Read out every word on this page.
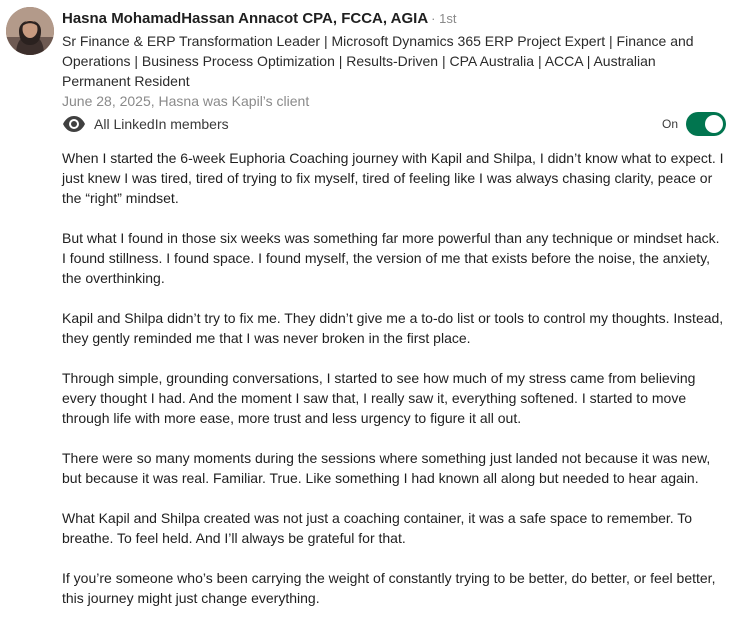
Hasna MohamadHassan Annacot CPA, FCCA, AGIA · 1st
Sr Finance & ERP Transformation Leader | Microsoft Dynamics 365 ERP Project Expert | Finance and Operations | Business Process Optimization | Results-Driven | CPA Australia | ACCA | Australian Permanent Resident
June 28, 2025, Hasna was Kapil’s client
All LinkedIn members	On

When I started the 6-week Euphoria Coaching journey with Kapil and Shilpa, I didn’t know what to expect. I just knew I was tired, tired of trying to fix myself, tired of feeling like I was always chasing clarity, peace or the “right” mindset.

But what I found in those six weeks was something far more powerful than any technique or mindset hack. I found stillness. I found space. I found myself, the version of me that exists before the noise, the anxiety, the overthinking.

Kapil and Shilpa didn’t try to fix me. They didn’t give me a to-do list or tools to control my thoughts. Instead, they gently reminded me that I was never broken in the first place.

Through simple, grounding conversations, I started to see how much of my stress came from believing every thought I had. And the moment I saw that, I really saw it, everything softened. I started to move through life with more ease, more trust and less urgency to figure it all out.

There were so many moments during the sessions where something just landed not because it was new, but because it was real. Familiar. True. Like something I had known all along but needed to hear again.

What Kapil and Shilpa created was not just a coaching container, it was a safe space to remember. To breathe. To feel held. And I’ll always be grateful for that.

If you’re someone who’s been carrying the weight of constantly trying to be better, do better, or feel better, this journey might just change everything.
